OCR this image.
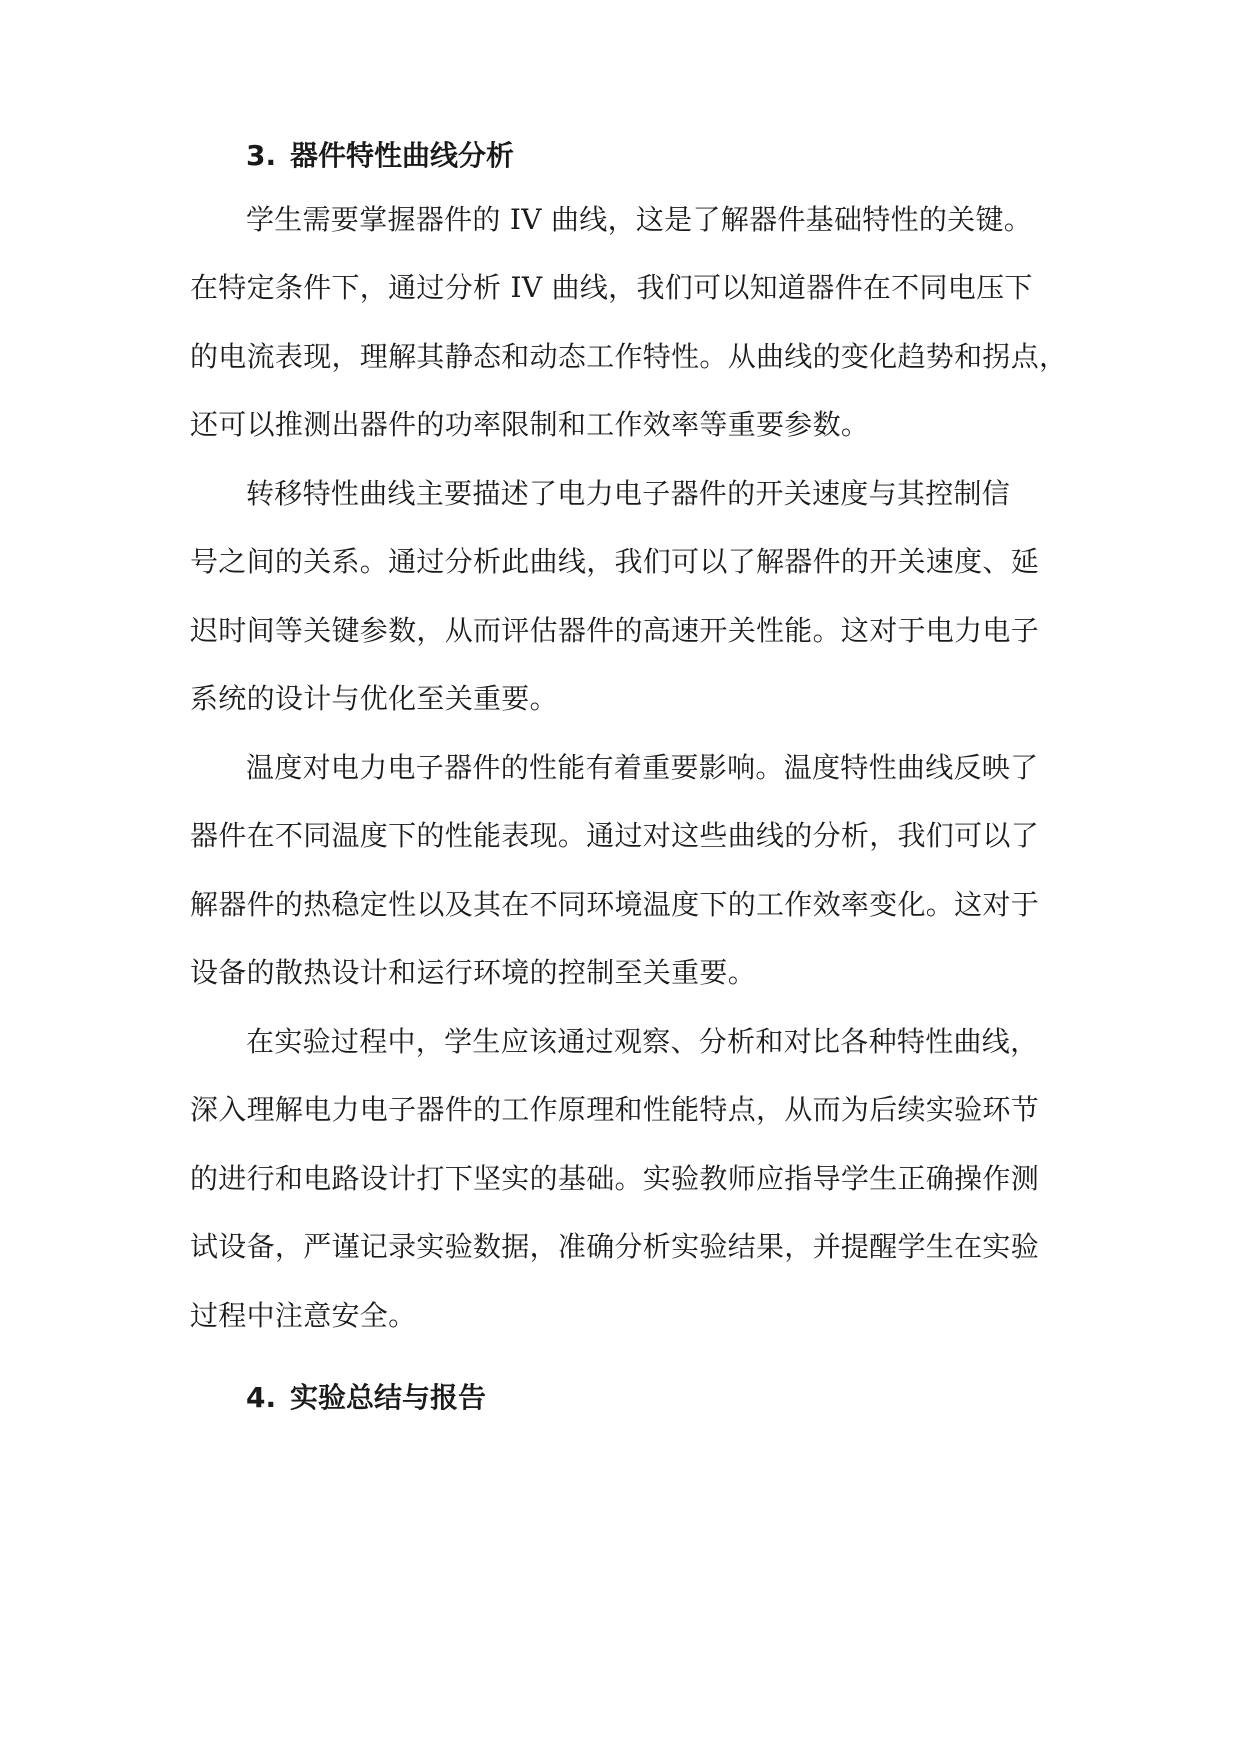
3. 器件特性曲线分析
学生需要掌握器件的 IV 曲线，这是了解器件基础特性的关键。
在特定条件下，通过分析 IV 曲线，我们可以知道器件在不同电压下
的电流表现，理解其静态和动态工作特性。从曲线的变化趋势和拐点，
还可以推测出器件的功率限制和工作效率等重要参数。
转移特性曲线主要描述了电力电子器件的开关速度与其控制信
号之间的关系。通过分析此曲线，我们可以了解器件的开关速度、延
迟时间等关键参数，从而评估器件的高速开关性能。这对于电力电子
系统的设计与优化至关重要。
温度对电力电子器件的性能有着重要影响。温度特性曲线反映了
器件在不同温度下的性能表现。通过对这些曲线的分析，我们可以了
解器件的热稳定性以及其在不同环境温度下的工作效率变化。这对于
设备的散热设计和运行环境的控制至关重要。
在实验过程中，学生应该通过观察、分析和对比各种特性曲线，
深入理解电力电子器件的工作原理和性能特点，从而为后续实验环节
的进行和电路设计打下坚实的基础。实验教师应指导学生正确操作测
试设备，严谨记录实验数据，准确分析实验结果，并提醒学生在实验
过程中注意安全。
4. 实验总结与报告
